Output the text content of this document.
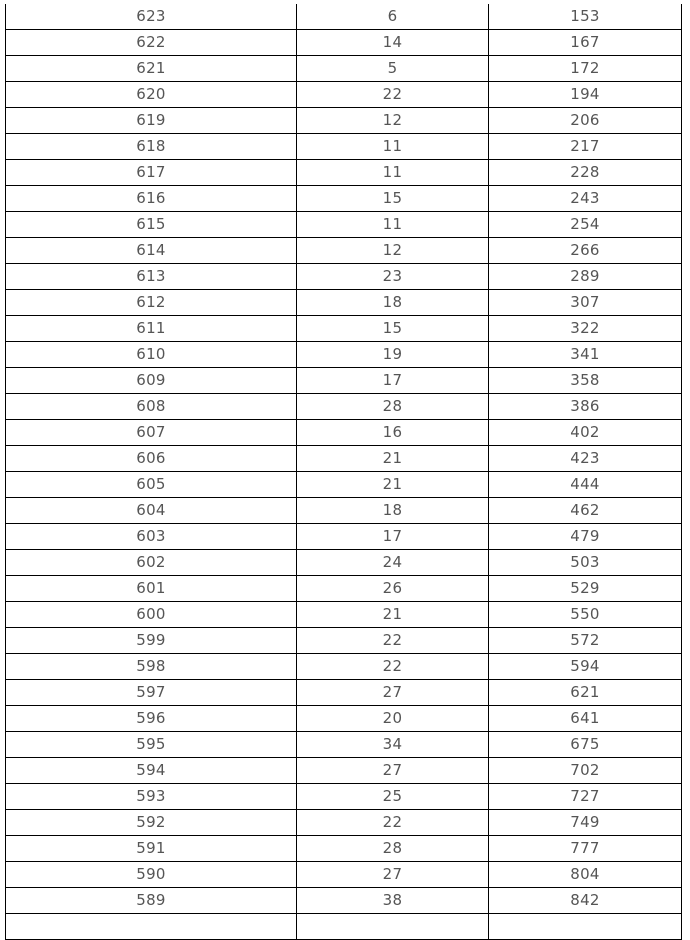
623	6	153
622	14	167
621	5	172
620	22	194
619	12	206
618	11	217
617	11	228
616	15	243
615	11	254
614	12	266
613	23	289
612	18	307
611	15	322
610	19	341
609	17	358
608	28	386
607	16	402
606	21	423
605	21	444
604	18	462
603	17	479
602	24	503
601	26	529
600	21	550
599	22	572
598	22	594
597	27	621
596	20	641
595	34	675
594	27	702
593	25	727
592	22	749
591	28	777
590	27	804
589	38	842
